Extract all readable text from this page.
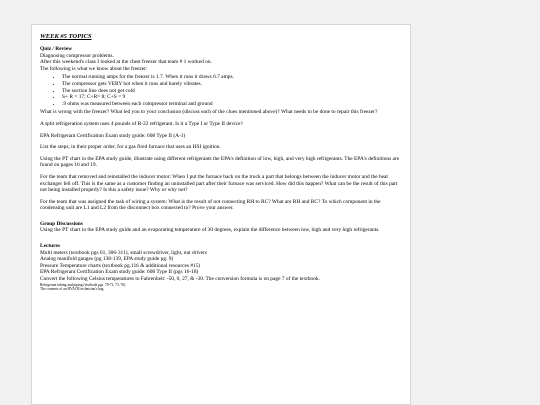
WEEK #5 TOPICS

Quiz / Review

Diagnosing compressor problems.

After this weekend's class I looked at the chest freezer that team # 1 worked on.

The following is what we know about the freezer:

• The normal running amps for the freezer is 1.7. When it runs it draws 6.7 amps.
• The compressor gets VERY hot when it runs and barely vibrates.
• The suction line does not get cold
• S+ R = 17; C+R= 8; C+S = 9
• .9 ohms was measured between each compressor terminal and ground

What is wrong with the freezer? What led you to your conclusion (discuss each of the clues mentioned above)? What needs to be done to repair this freezer?

A split refrigeration system uses 4 pounds of R-22 refrigerant. Is it a Type I or Type II device?

EPA Refrigerant Certification Exam study guide: 608 Type II (A-1)

List the steps, in their proper order, for a gas fired furnace that uses an HSI ignition.

Using the PT chart in the EPA study guide, illustrate using different refrigerants the EPA's definition of low, high, and very high refrigerants. The EPA's definitions are found on pages 16 and 19.

For the team that removed and reinstalled the inducer motor: When I put the furnace back on the truck a part that belongs between the inducer motor and the heat exchanger fell off. This is the same as a customer finding an uninstalled part after their furnace was serviced. How did this happen? What can be the result of this part not being installed properly? Is this a safety issue? Why or why not?

For the team that was assigned the task of wiring a system: What is the result of not connecting RH to RC? What are RH and RC? To which component in the condensing unit are L1 and L2 from the disconnect box connected to? Prove your answer.

Group Discussions

Using the PT chart in the EPA study guide and an evaporating temperature of 30 degrees, explain the difference between low, high and very high refrigerants.

Lectures

Multi meters (textbook pgs 61, 306-311), small screwdriver, light, nut drivers

Analog manifold gauges (pg 138-139, EPA study guide pg. 9)

Pressure Temperature charts (textbook pg.116 & additional resources #15)

EPA Refrigerant Certification Exam study guide: 608 Type II (pgs 16-18)

Convert the following Celsius temperatures to Fahrenheit: -50, 0, 27, & -30. The conversion formula is on page 7 of the textbook.

Refrigerant tubing and piping (textbook pgs. 70-71, 73, 76)

The contents of an HVACR technician's bag
